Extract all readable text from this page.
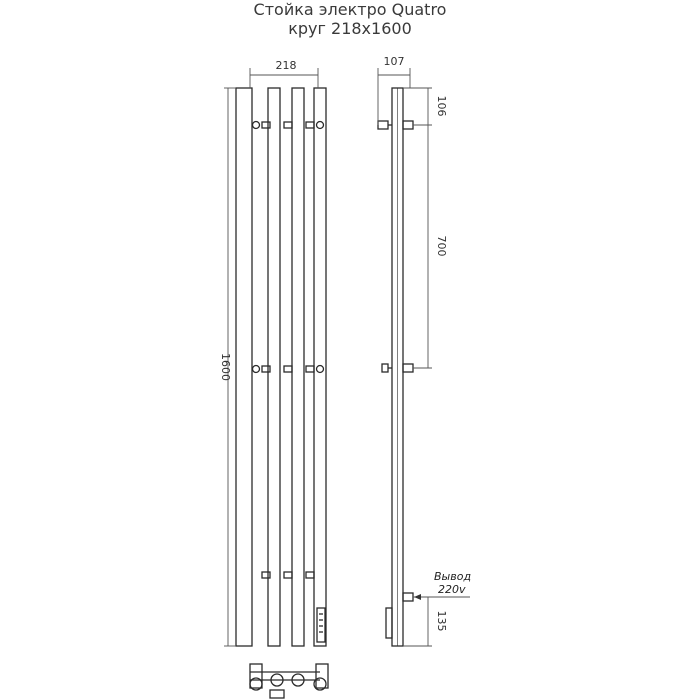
Стойка электро Quatro
круг 218x1600
218
1600
107
106
700
135
Вывод
220v
